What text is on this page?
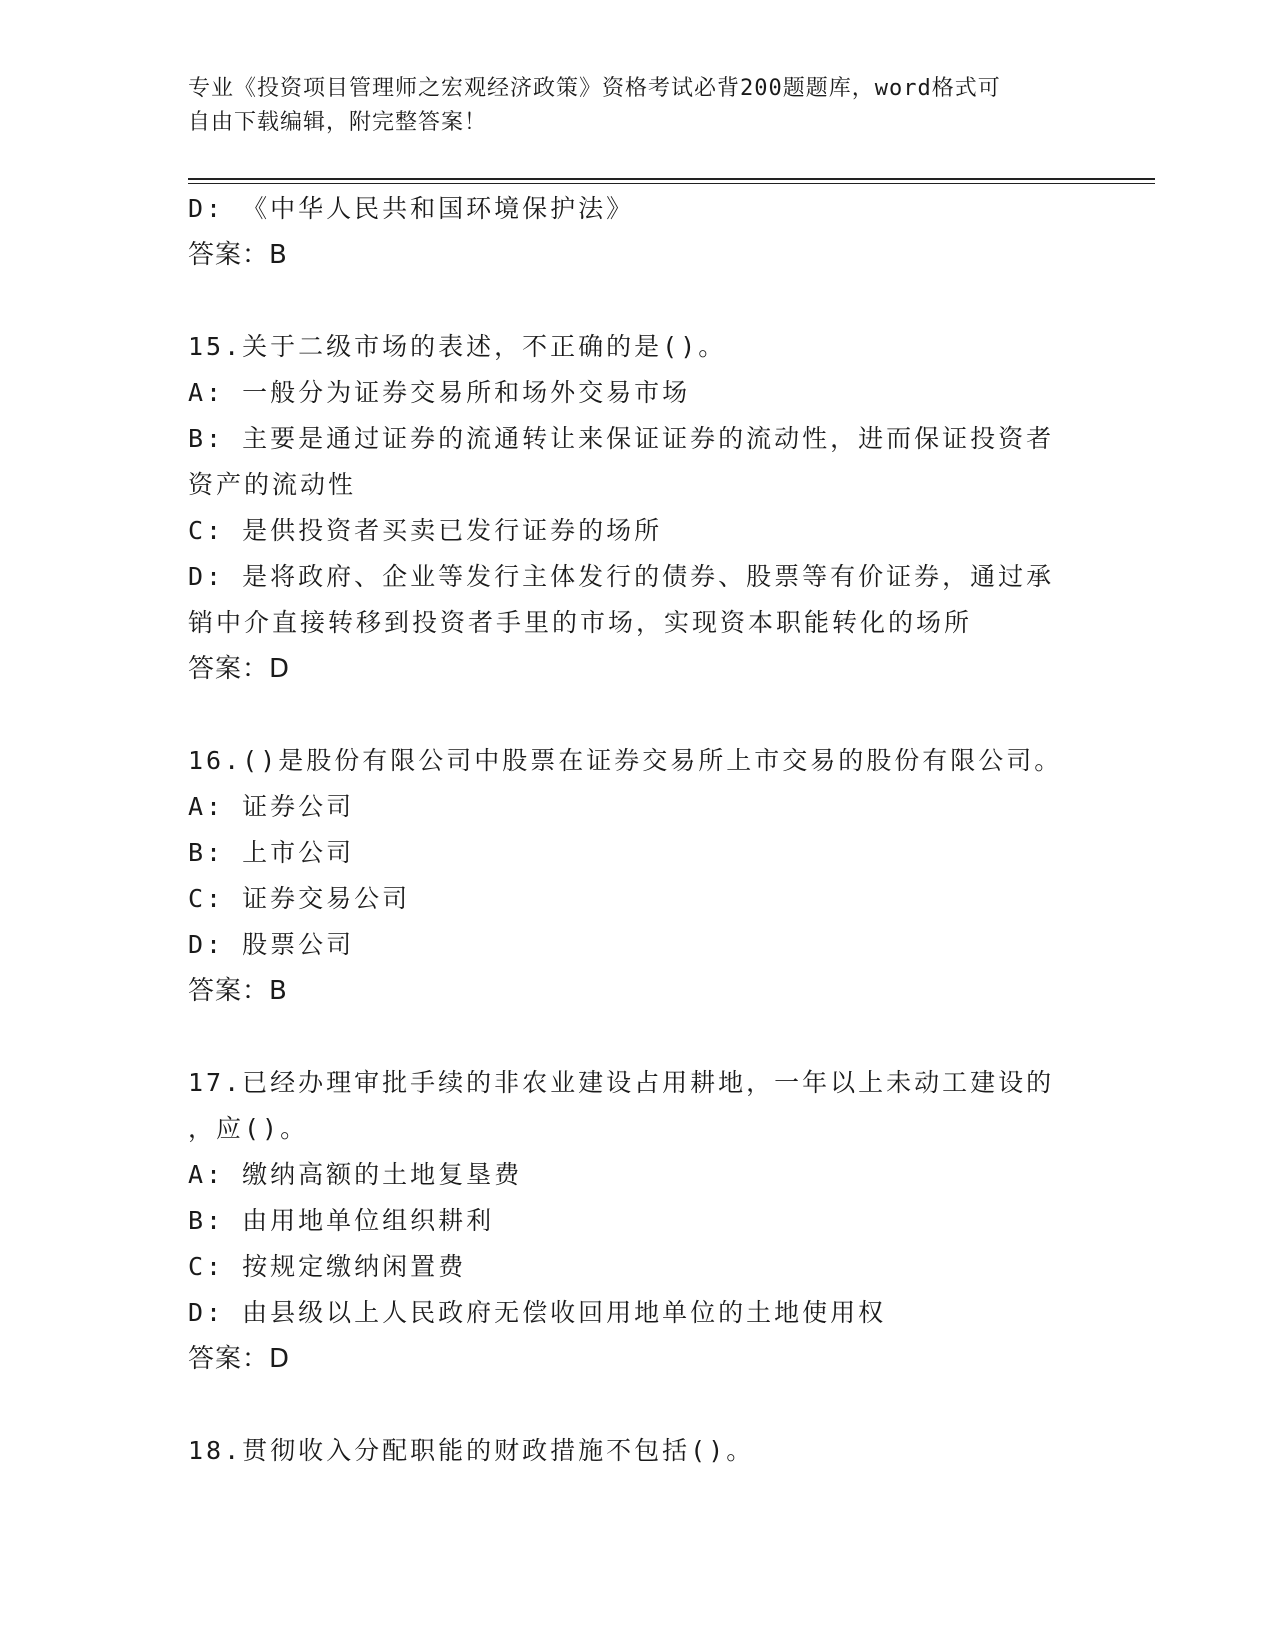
专业《投资项目管理师之宏观经济政策》资格考试必背200题题库，word格式可
自由下载编辑，附完整答案！
D: 《中华人民共和国环境保护法》
答案：B
15.关于二级市场的表述，不正确的是()。
A: 一般分为证券交易所和场外交易市场
B: 主要是通过证券的流通转让来保证证券的流动性，进而保证投资者
资产的流动性
C: 是供投资者买卖已发行证券的场所
D: 是将政府、企业等发行主体发行的债券、股票等有价证券，通过承
销中介直接转移到投资者手里的市场，实现资本职能转化的场所
答案：D
16.()是股份有限公司中股票在证券交易所上市交易的股份有限公司。
A: 证券公司
B: 上市公司
C: 证券交易公司
D: 股票公司
答案：B
17.已经办理审批手续的非农业建设占用耕地，一年以上未动工建设的
，应()。
A: 缴纳高额的土地复垦费
B: 由用地单位组织耕利
C: 按规定缴纳闲置费
D: 由县级以上人民政府无偿收回用地单位的土地使用权
答案：D
18.贯彻收入分配职能的财政措施不包括()。
